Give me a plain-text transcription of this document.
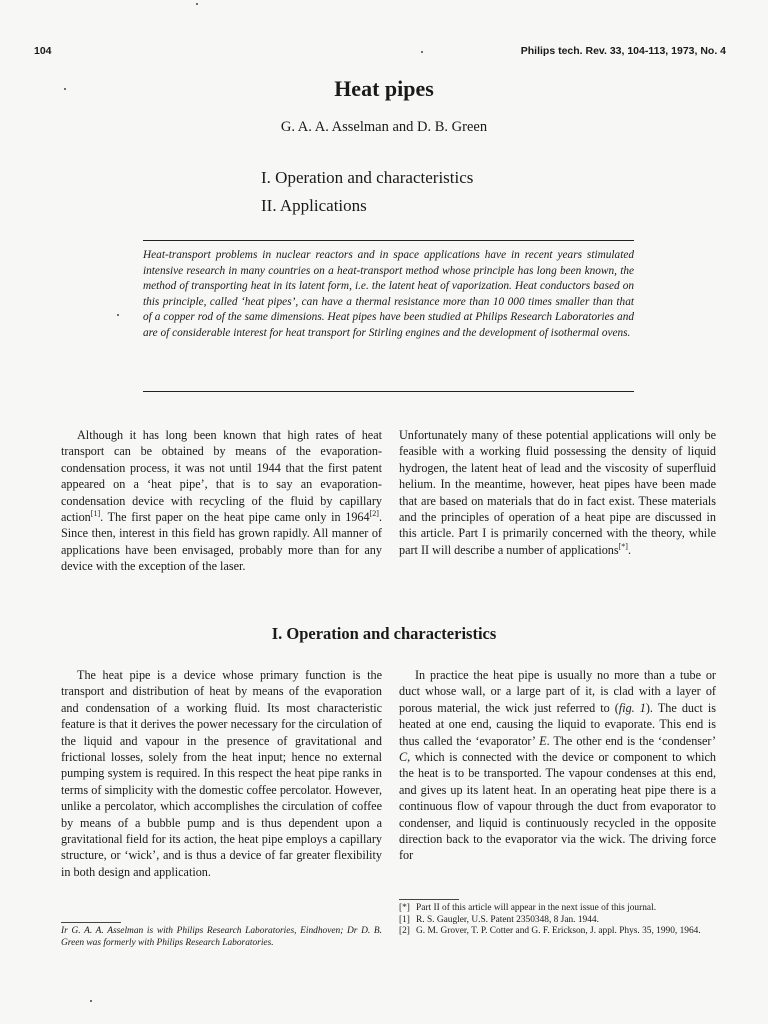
104	Philips tech. Rev. 33, 104-113, 1973, No. 4
Heat pipes
G. A. A. Asselman and D. B. Green
I. Operation and characteristics
II. Applications
Heat-transport problems in nuclear reactors and in space applications have in recent years stimulated intensive research in many countries on a heat-transport method whose principle has long been known, the method of transporting heat in its latent form, i.e. the latent heat of vaporization. Heat conductors based on this principle, called ‘heat pipes’, can have a thermal resistance more than 10 000 times smaller than that of a copper rod of the same dimensions. Heat pipes have been studied at Philips Research Laboratories and are of considerable interest for heat transport for Stirling engines and the development of isothermal ovens.

Although it has long been known that high rates of heat transport can be obtained by means of the evaporation-condensation process, it was not until 1944 that the first patent appeared on a ‘heat pipe’, that is to say an evaporation-condensation device with recycling of the fluid by capillary action[1]. The first paper on the heat pipe came only in 1964[2]. Since then, interest in this field has grown rapidly. All manner of applications have been envisaged, probably more than for any device with the exception of the laser.

Unfortunately many of these potential applications will only be feasible with a working fluid possessing the density of liquid hydrogen, the latent heat of lead and the viscosity of superfluid helium. In the meantime, however, heat pipes have been made that are based on materials that do in fact exist. These materials and the principles of operation of a heat pipe are discussed in this article. Part I is primarily concerned with the theory, while part II will describe a number of applications[*].

I. Operation and characteristics

The heat pipe is a device whose primary function is the transport and distribution of heat by means of the evaporation and condensation of a working fluid. Its most characteristic feature is that it derives the power necessary for the circulation of the liquid and vapour in the presence of gravitational and frictional losses, solely from the heat input; hence no external pumping system is required. In this respect the heat pipe ranks in terms of simplicity with the domestic coffee percolator. However, unlike a percolator, which accomplishes the circulation of coffee by means of a bubble pump and is thus dependent upon a gravitational field for its action, the heat pipe employs a capillary structure, or ‘wick’, and is thus a device of far greater flexibility in both design and application.

In practice the heat pipe is usually no more than a tube or duct whose wall, or a large part of it, is clad with a layer of porous material, the wick just referred to (fig. 1). The duct is heated at one end, causing the liquid to evaporate. This end is thus called the ‘evaporator’ E. The other end is the ‘condenser’ C, which is connected with the device or component to which the heat is to be transported. The vapour condenses at this end, and gives up its latent heat. In an operating heat pipe there is a continuous flow of vapour through the duct from evaporator to condenser, and liquid is continuously recycled in the opposite direction back to the evaporator via the wick. The driving force for

[*] Part II of this article will appear in the next issue of this journal.
[1] R. S. Gaugler, U.S. Patent 2350348, 8 Jan. 1944.
[2] G. M. Grover, T. P. Cotter and G. F. Erickson, J. appl. Phys. 35, 1990, 1964.
Ir G. A. A. Asselman is with Philips Research Laboratories, Eindhoven; Dr D. B. Green was formerly with Philips Research Laboratories.
